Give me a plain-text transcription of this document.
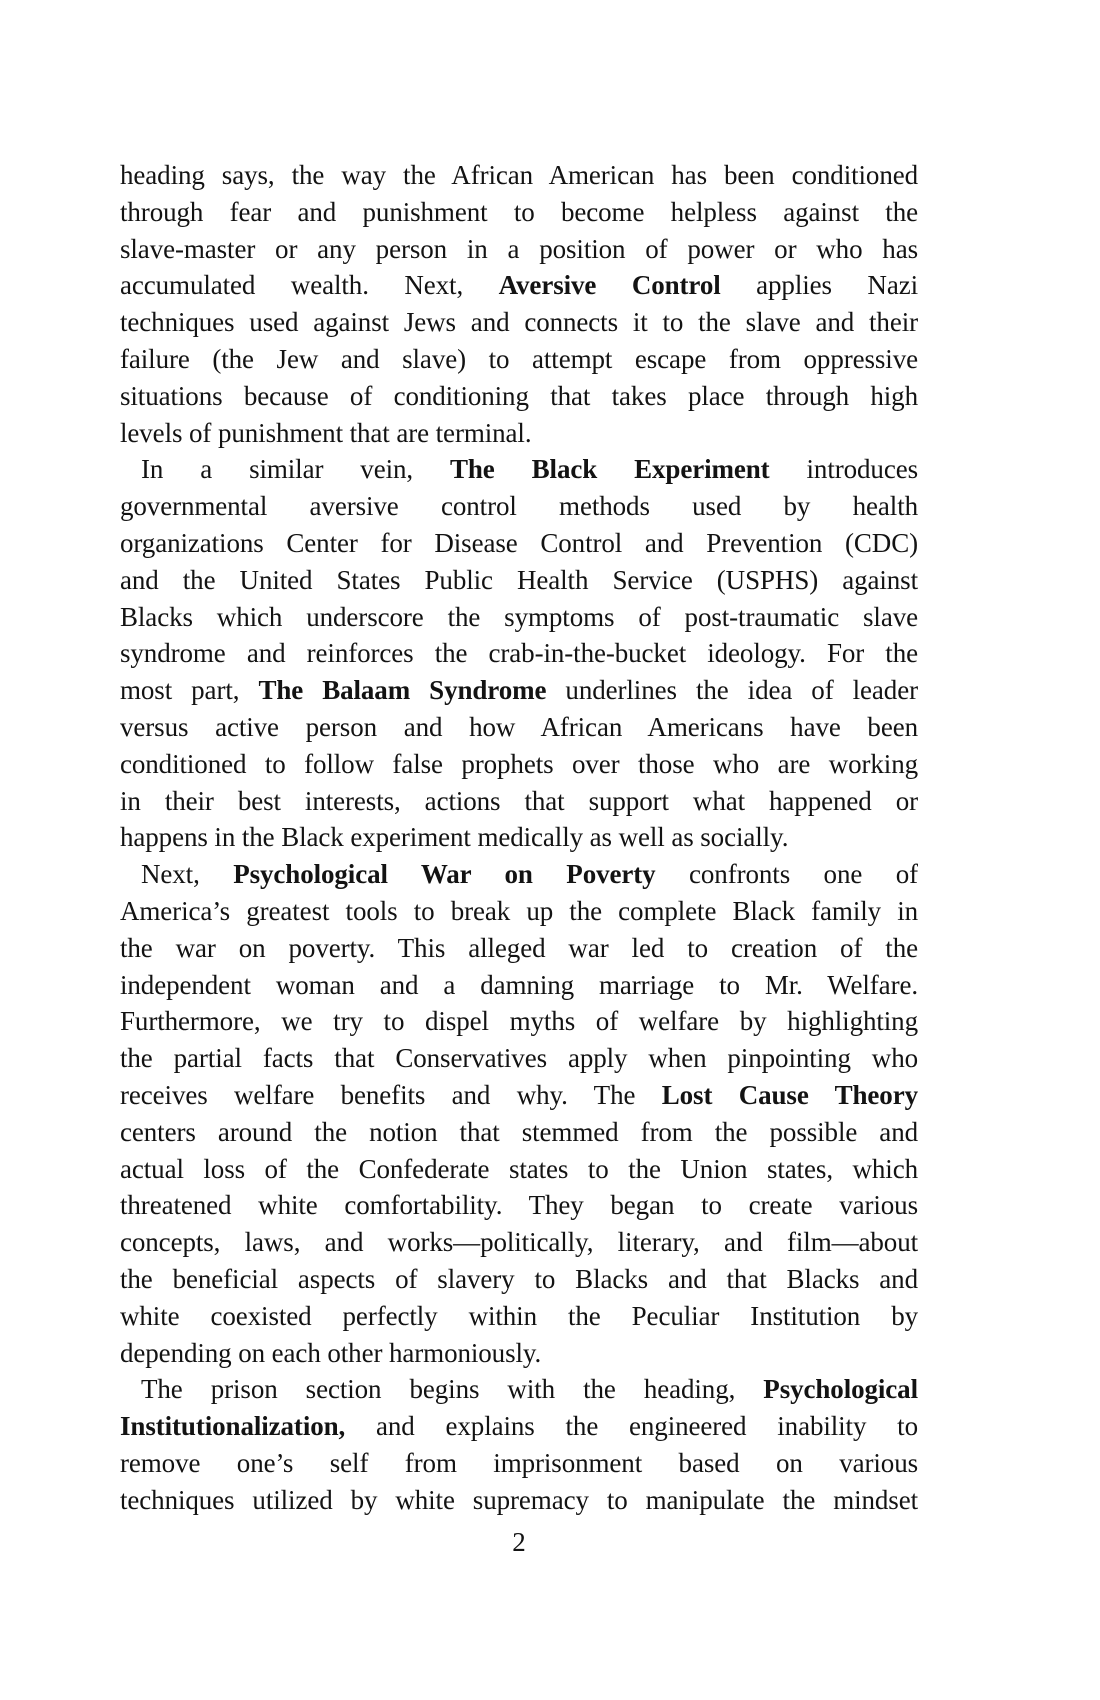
heading says, the way the African American has been conditioned
through fear and punishment to become helpless against the
slave-master or any person in a position of power or who has
accumulated wealth. Next, Aversive Control applies Nazi
techniques used against Jews and connects it to the slave and their
failure (the Jew and slave) to attempt escape from oppressive
situations because of conditioning that takes place through high
levels of punishment that are terminal.
In a similar vein, The Black Experiment introduces
governmental aversive control methods used by health
organizations Center for Disease Control and Prevention (CDC)
and the United States Public Health Service (USPHS) against
Blacks which underscore the symptoms of post-traumatic slave
syndrome and reinforces the crab-in-the-bucket ideology. For the
most part, The Balaam Syndrome underlines the idea of leader
versus active person and how African Americans have been
conditioned to follow false prophets over those who are working
in their best interests, actions that support what happened or
happens in the Black experiment medically as well as socially.
Next, Psychological War on Poverty confronts one of
America’s greatest tools to break up the complete Black family in
the war on poverty. This alleged war led to creation of the
independent woman and a damning marriage to Mr. Welfare.
Furthermore, we try to dispel myths of welfare by highlighting
the partial facts that Conservatives apply when pinpointing who
receives welfare benefits and why. The Lost Cause Theory
centers around the notion that stemmed from the possible and
actual loss of the Confederate states to the Union states, which
threatened white comfortability. They began to create various
concepts, laws, and works—politically, literary, and film—about
the beneficial aspects of slavery to Blacks and that Blacks and
white coexisted perfectly within the Peculiar Institution by
depending on each other harmoniously.
The prison section begins with the heading, Psychological
Institutionalization, and explains the engineered inability to
remove one’s self from imprisonment based on various
techniques utilized by white supremacy to manipulate the mindset
2
